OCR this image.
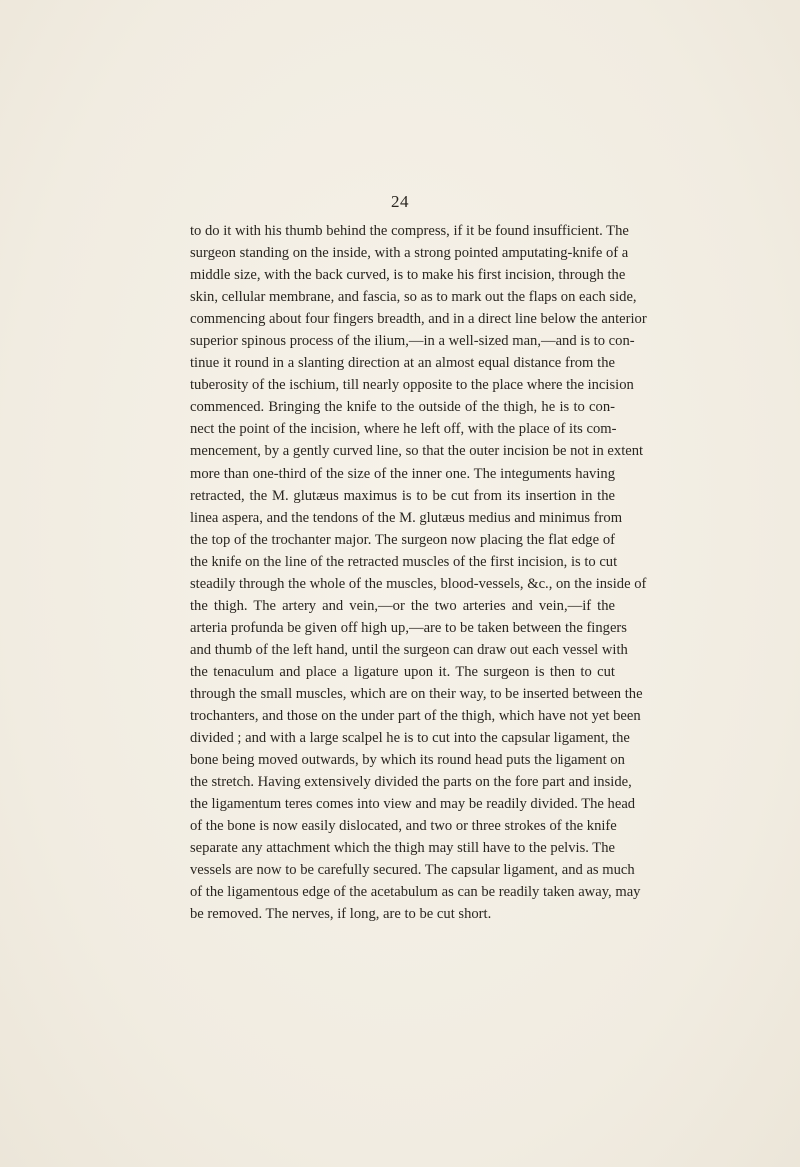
24
to do it with his thumb behind the compress, if it be found insufficient. The
surgeon standing on the inside, with a strong pointed amputating-knife of a
middle size, with the back curved, is to make his first incision, through the
skin, cellular membrane, and fascia, so as to mark out the flaps on each side,
commencing about four fingers breadth, and in a direct line below the anterior
superior spinous process of the ilium,—in a well-sized man,—and is to con-
tinue it round in a slanting direction at an almost equal distance from the
tuberosity of the ischium, till nearly opposite to the place where the incision
commenced. Bringing the knife to the outside of the thigh, he is to con-
nect the point of the incision, where he left off, with the place of its com-
mencement, by a gently curved line, so that the outer incision be not in extent
more than one-third of the size of the inner one. The integuments having
retracted, the M. glutæus maximus is to be cut from its insertion in the
linea aspera, and the tendons of the M. glutæus medius and minimus from
the top of the trochanter major. The surgeon now placing the flat edge of
the knife on the line of the retracted muscles of the first incision, is to cut
steadily through the whole of the muscles, blood-vessels, &c., on the inside of
the thigh. The artery and vein,—or the two arteries and vein,—if the
arteria profunda be given off high up,—are to be taken between the fingers
and thumb of the left hand, until the surgeon can draw out each vessel with
the tenaculum and place a ligature upon it. The surgeon is then to cut
through the small muscles, which are on their way, to be inserted between the
trochanters, and those on the under part of the thigh, which have not yet been
divided ; and with a large scalpel he is to cut into the capsular ligament, the
bone being moved outwards, by which its round head puts the ligament on
the stretch. Having extensively divided the parts on the fore part and inside,
the ligamentum teres comes into view and may be readily divided. The head
of the bone is now easily dislocated, and two or three strokes of the knife
separate any attachment which the thigh may still have to the pelvis. The
vessels are now to be carefully secured. The capsular ligament, and as much
of the ligamentous edge of the acetabulum as can be readily taken away, may
be removed. The nerves, if long, are to be cut short.
